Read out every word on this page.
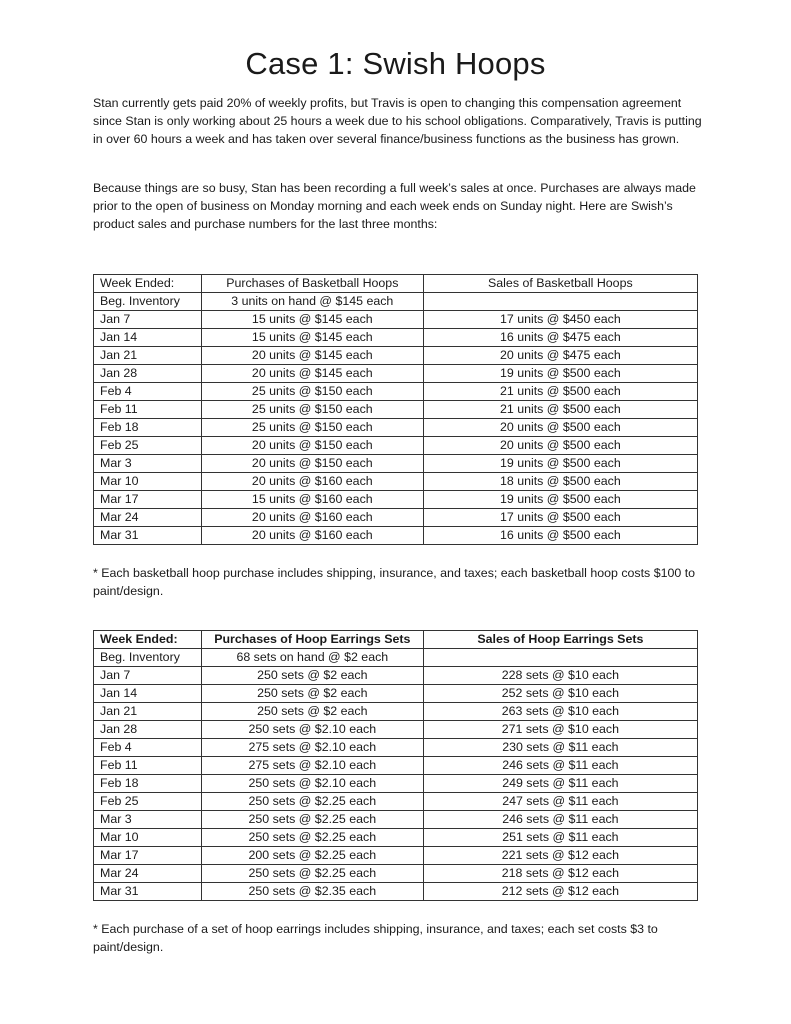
Case 1: Swish Hoops

Stan currently gets paid 20% of weekly profits, but Travis is open to changing this compensation agreement since Stan is only working about 25 hours a week due to his school obligations. Comparatively, Travis is putting in over 60 hours a week and has taken over several finance/business functions as the business has grown.

Because things are so busy, Stan has been recording a full week’s sales at once. Purchases are always made prior to the open of business on Monday morning and each week ends on Sunday night. Here are Swish’s product sales and purchase numbers for the last three months:

Week Ended:	Purchases of Basketball Hoops	Sales of Basketball Hoops
Beg. Inventory	3 units on hand @ $145 each	
Jan 7	15 units @ $145 each	17 units @ $450 each
Jan 14	15 units @ $145 each	16 units @ $475 each
Jan 21	20 units @ $145 each	20 units @ $475 each
Jan 28	20 units @ $145 each	19 units @ $500 each
Feb 4	25 units @ $150 each	21 units @ $500 each
Feb 11	25 units @ $150 each	21 units @ $500 each
Feb 18	25 units @ $150 each	20 units @ $500 each
Feb 25	20 units @ $150 each	20 units @ $500 each
Mar 3	20 units @ $150 each	19 units @ $500 each
Mar 10	20 units @ $160 each	18 units @ $500 each
Mar 17	15 units @ $160 each	19 units @ $500 each
Mar 24	20 units @ $160 each	17 units @ $500 each
Mar 31	20 units @ $160 each	16 units @ $500 each

* Each basketball hoop purchase includes shipping, insurance, and taxes; each basketball hoop costs $100 to paint/design.

Week Ended:	Purchases of Hoop Earrings Sets	Sales of Hoop Earrings Sets
Beg. Inventory	68 sets on hand @ $2 each	
Jan 7	250 sets @ $2 each	228 sets @ $10 each
Jan 14	250 sets @ $2 each	252 sets @ $10 each
Jan 21	250 sets @ $2 each	263 sets @ $10 each
Jan 28	250 sets @ $2.10 each	271 sets @ $10 each
Feb 4	275 sets @ $2.10 each	230 sets @ $11 each
Feb 11	275 sets @ $2.10 each	246 sets @ $11 each
Feb 18	250 sets @ $2.10 each	249 sets @ $11 each
Feb 25	250 sets @ $2.25 each	247 sets @ $11 each
Mar 3	250 sets @ $2.25 each	246 sets @ $11 each
Mar 10	250 sets @ $2.25 each	251 sets @ $11 each
Mar 17	200 sets @ $2.25 each	221 sets @ $12 each
Mar 24	250 sets @ $2.25 each	218 sets @ $12 each
Mar 31	250 sets @ $2.35 each	212 sets @ $12 each

* Each purchase of a set of hoop earrings includes shipping, insurance, and taxes; each set costs $3 to paint/design.
